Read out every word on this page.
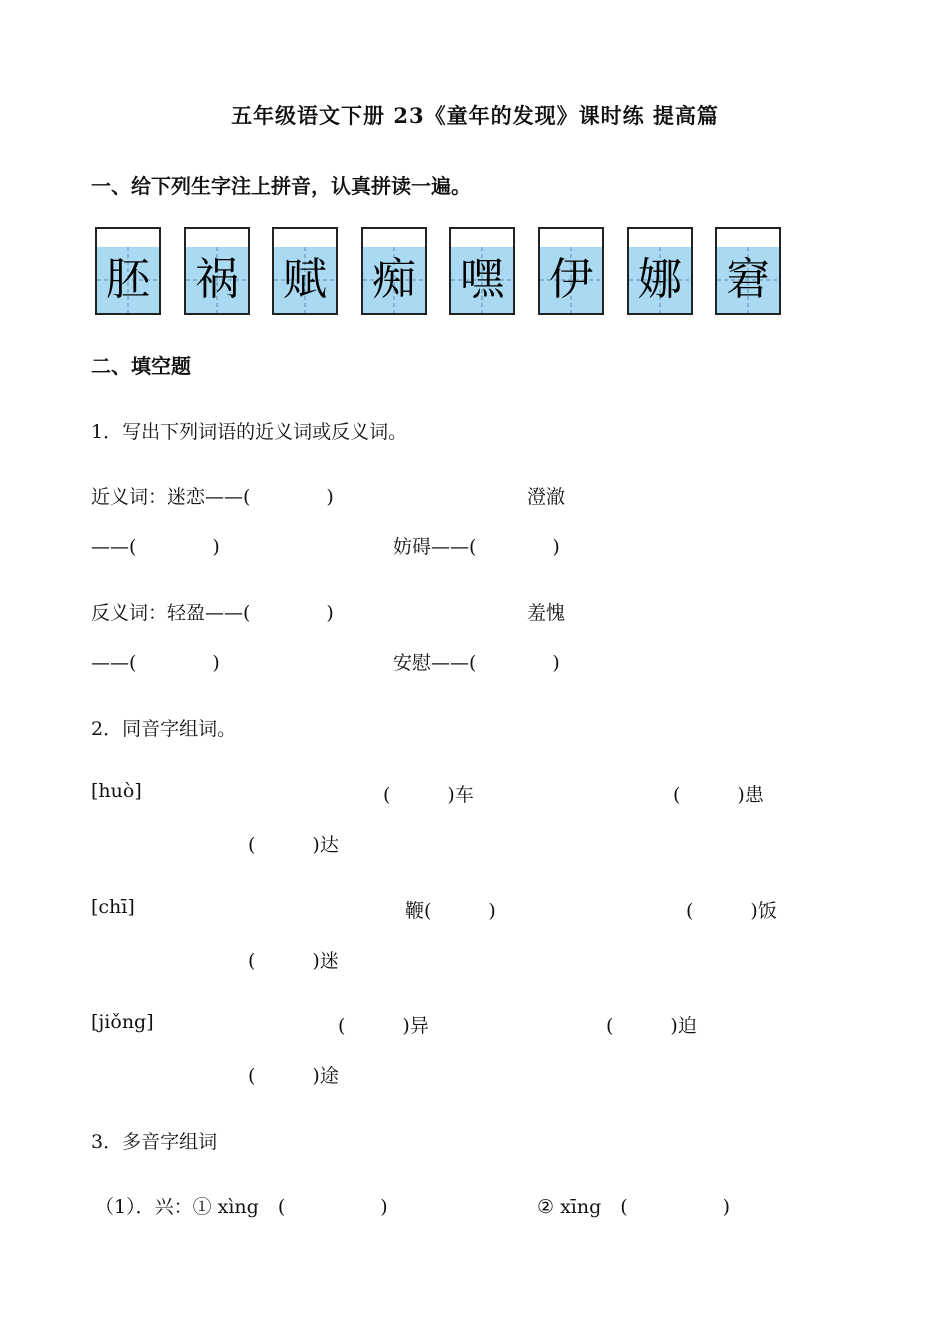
五年级语文下册 23《童年的发现》课时练 提高篇
一、给下列生字注上拼音，认真拼读一遍。
胚 祸 赋 痴 嘿 伊 娜 窘
二、填空题
1．写出下列词语的近义词或反义词。
近义词：迷恋——(　　　　)	澄澈
——(　　　　)	妨碍——(　　　　)
反义词：轻盈——(　　　　)	羞愧
——(　　　　)	安慰——(　　　　)
2．同音字组词。
[huò]	(　　　)车	(　　　)患
(　　　)达
[chī]	鞭(　　　)	(　　　)饭
(　　　)迷
[jiǒng]	(　　　)异	(　　　)迫
(　　　)途
3．多音字组词
（1）．兴：① xìng　(　　　　　)	② xīng　(　　　　　)
